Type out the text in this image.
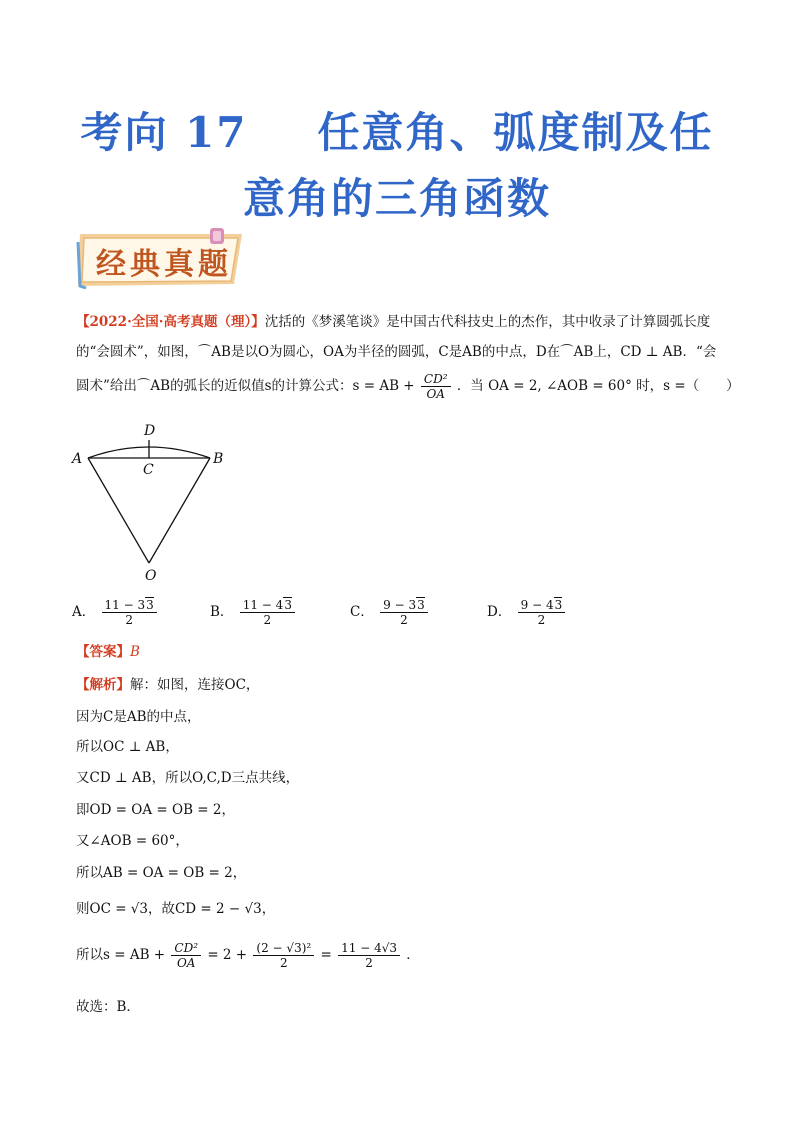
考向 17 任意角、弧度制及任
意角的三角函数
经典真题
【2022·全国·高考真题（理）】沈括的《梦溪笔谈》是中国古代科技史上的杰作，其中收录了计算圆弧长度
的“会圆术”，如图，⌒AB是以O为圆心，OA为半径的圆弧，C是AB的中点，D在⌒AB上，CD ⊥ AB．“会
圆术”给出⌒AB的弧长的近似值s的计算公式：s = AB + $\frac{\text{CD²}}{OA}$ ．当 OA = 2, ∠AOB = 60° 时，s =（　　）
A	B
C
D
O
A． $\frac{11 - 33}{2}$	B． $\frac{11 - 43}{2}$	C． $\frac{9 - 33}{2}$	D． $\frac{9 - 43}{2}$
【答案】B
【解析】解：如图，连接OC，
因为C是AB的中点，
所以OC ⊥ AB，
又CD ⊥ AB，所以O,C,D三点共线，
即OD = OA = OB = 2，
又∠AOB = 60°，
所以AB = OA = OB = 2，
则OC = √3，故CD = 2 − √3，
所以s = AB + $\frac{\text{CD²}}{OA} = 2 + \frac{\text{(2 − √3)²}}{2} = \frac{11 - 4√3}{2}$ ．
故选：B．
